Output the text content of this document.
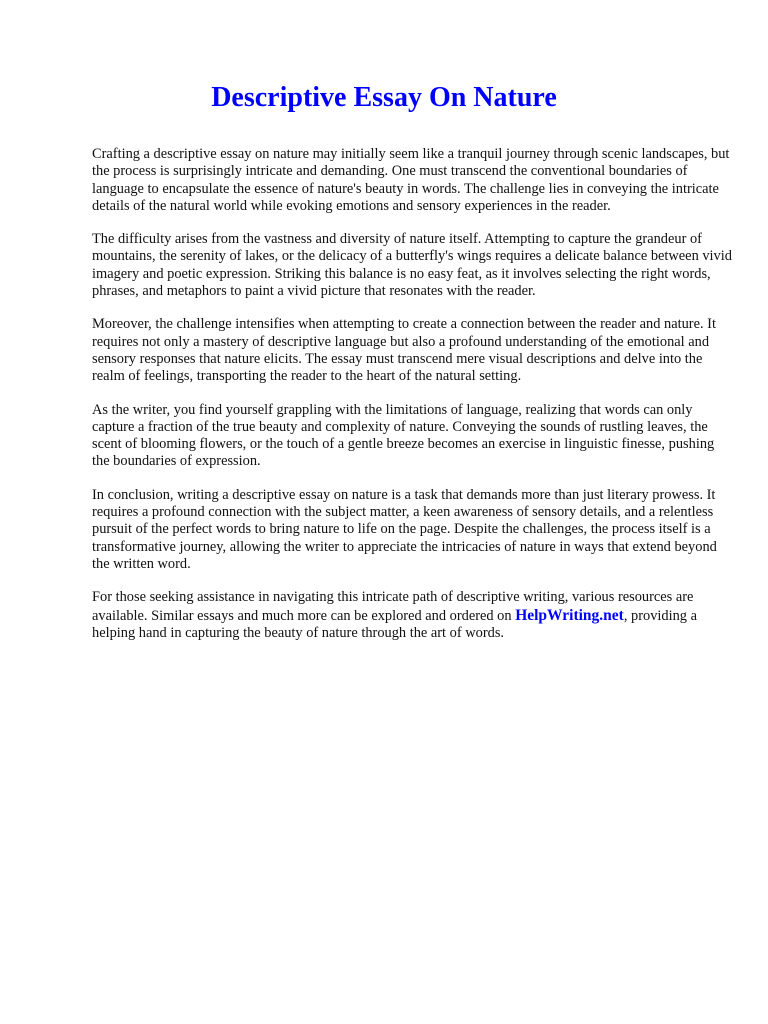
Descriptive Essay On Nature

Crafting a descriptive essay on nature may initially seem like a tranquil journey through scenic landscapes, but the process is surprisingly intricate and demanding. One must transcend the conventional boundaries of language to encapsulate the essence of nature's beauty in words. The challenge lies in conveying the intricate details of the natural world while evoking emotions and sensory experiences in the reader.

The difficulty arises from the vastness and diversity of nature itself. Attempting to capture the grandeur of mountains, the serenity of lakes, or the delicacy of a butterfly's wings requires a delicate balance between vivid imagery and poetic expression. Striking this balance is no easy feat, as it involves selecting the right words, phrases, and metaphors to paint a vivid picture that resonates with the reader.

Moreover, the challenge intensifies when attempting to create a connection between the reader and nature. It requires not only a mastery of descriptive language but also a profound understanding of the emotional and sensory responses that nature elicits. The essay must transcend mere visual descriptions and delve into the realm of feelings, transporting the reader to the heart of the natural setting.

As the writer, you find yourself grappling with the limitations of language, realizing that words can only capture a fraction of the true beauty and complexity of nature. Conveying the sounds of rustling leaves, the scent of blooming flowers, or the touch of a gentle breeze becomes an exercise in linguistic finesse, pushing the boundaries of expression.

In conclusion, writing a descriptive essay on nature is a task that demands more than just literary prowess. It requires a profound connection with the subject matter, a keen awareness of sensory details, and a relentless pursuit of the perfect words to bring nature to life on the page. Despite the challenges, the process itself is a transformative journey, allowing the writer to appreciate the intricacies of nature in ways that extend beyond the written word.

For those seeking assistance in navigating this intricate path of descriptive writing, various resources are available. Similar essays and much more can be explored and ordered on HelpWriting.net, providing a helping hand in capturing the beauty of nature through the art of words.
